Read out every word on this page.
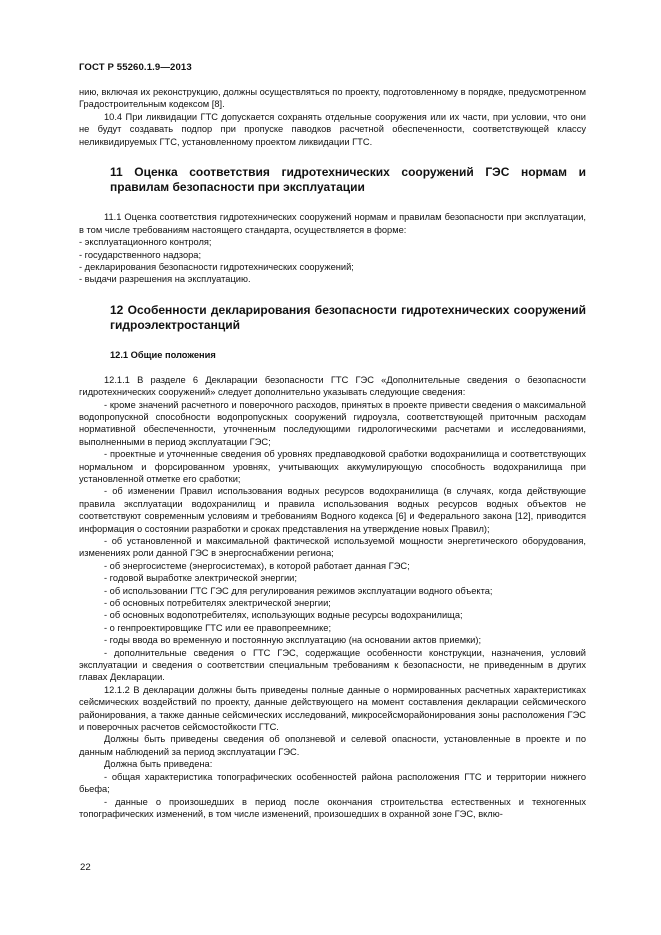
ГОСТ Р 55260.1.9—2013

нию, включая их реконструкцию, должны осуществляться по проекту, подготовленному в порядке, предусмотренном Градостроительным кодексом [8].

10.4 При ликвидации ГТС допускается сохранять отдельные сооружения или их части, при условии, что они не будут создавать подпор при пропуске паводков расчетной обеспеченности, соответствующей классу неликвидируемых ГТС, установленному проектом ликвидации ГТС.

11 Оценка соответствия гидротехнических сооружений ГЭС нормам и правилам безопасности при эксплуатации

11.1 Оценка соответствия гидротехнических сооружений нормам и правилам безопасности при эксплуатации, в том числе требованиям настоящего стандарта, осуществляется в форме:

- эксплуатационного контроля;

- государственного надзора;

- декларирования безопасности гидротехнических сооружений;

- выдачи разрешения на эксплуатацию.

12 Особенности декларирования безопасности гидротехнических сооружений гидроэлектростанций
12.1 Общие положения

12.1.1 В разделе 6 Декларации безопасности ГТС ГЭС «Дополнительные сведения о безопасности гидротехнических сооружений» следует дополнительно указывать следующие сведения:

- кроме значений расчетного и поверочного расходов, принятых в проекте привести сведения о максимальной водопропускной способности водопропускных сооружений гидроузла, соответствующей приточным расходам нормативной обеспеченности, уточненным последующими гидрологическими расчетами и исследованиями, выполненными в период эксплуатации ГЭС;

- проектные и уточненные сведения об уровнях предпаводковой сработки водохранилища и соответствующих нормальном и форсированном уровнях, учитывающих аккумулирующую способность водохранилища при установленной отметке его сработки;

- об изменении Правил использования водных ресурсов водохранилища (в случаях, когда действующие правила эксплуатации водохранилищ и правила использования водных ресурсов водных объектов не соответствуют современным условиям и требованиям Водного кодекса [6] и Федерального закона [12], приводится информация о состоянии разработки и сроках представления на утверждение новых Правил);

- об установленной и максимальной фактической используемой мощности энергетического оборудования, изменениях роли данной ГЭС в энергоснабжении региона;

- об энергосистеме (энергосистемах), в которой работает данная ГЭС;

- годовой выработке электрической энергии;

- об использовании ГТС ГЭС для регулирования режимов эксплуатации водного объекта;

- об основных потребителях электрической энергии;

- об основных водопотребителях, использующих водные ресурсы водохранилища;

- о генпроектировщике ГТС или ее правопреемнике;

- годы ввода во временную и постоянную эксплуатацию (на основании актов приемки);

- дополнительные сведения о ГТС ГЭС, содержащие особенности конструкции, назначения, условий эксплуатации и сведения о соответствии специальным требованиям к безопасности, не приведенным в других главах Декларации.

12.1.2 В декларации должны быть приведены полные данные о нормированных расчетных характеристиках сейсмических воздействий по проекту, данные действующего на момент составления декларации сейсмического районирования, а также данные сейсмических исследований, микросейсморайонирования зоны расположения ГЭС и поверочных расчетов сейсмостойкости ГТС.

Должны быть приведены сведения об оползневой и селевой опасности, установленные в проекте и по данным наблюдений за период эксплуатации ГЭС.

Должна быть приведена:

- общая характеристика топографических особенностей района расположения ГТС и территории нижнего бьефа;

- данные о произошедших в период после окончания строительства естественных и техногенных топографических изменений, в том числе изменений, произошедших в охранной зоне ГЭС, вклю-

22
